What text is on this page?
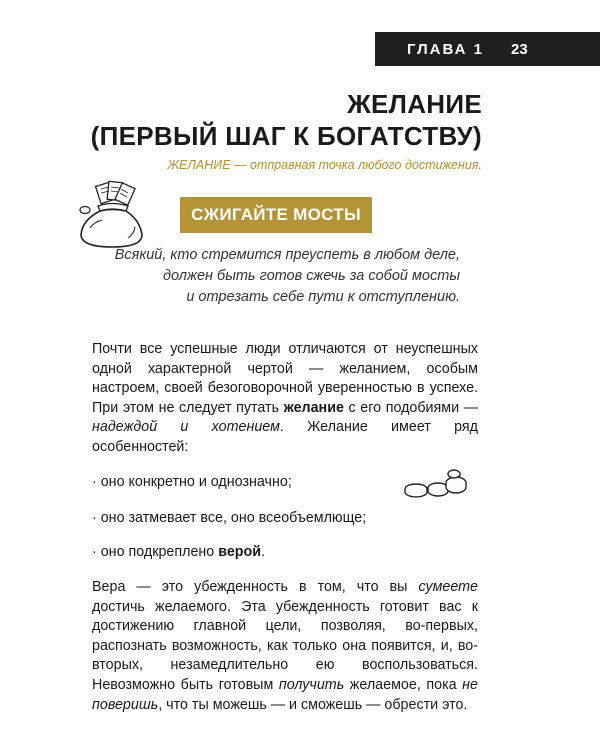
ГЛАВА 1	23
ЖЕЛАНИЕ
(ПЕРВЫЙ ШАГ К БОГАТСТВУ)
ЖЕЛАНИЕ — отправная точка любого достижения.
СЖИГАЙТЕ МОСТЫ
Всякий, кто стремится преуспеть в любом деле,
должен быть готов сжечь за собой мосты
и отрезать себе пути к отступлению.
Почти все успешные люди отличаются от неуспешных одной характерной чертой — желанием, особым настроем, своей безоговорочной уверенностью в успехе. При этом не следует путать желание с его подобиями — надеждой и хотением. Желание имеет ряд особенностей:
· оно конкретно и однозначно;
· оно затмевает все, оно всеобъемлюще;
· оно подкреплено верой.
Вера — это убежденность в том, что вы сумеете достичь желаемого. Эта убежденность готовит вас к достижению главной цели, позволяя, во-первых, распознать возможность, как только она появится, и, во-вторых, незамедлительно ею воспользоваться. Невозможно быть готовым получить желаемое, пока не поверишь, что ты можешь — и сможешь — обрести это.
